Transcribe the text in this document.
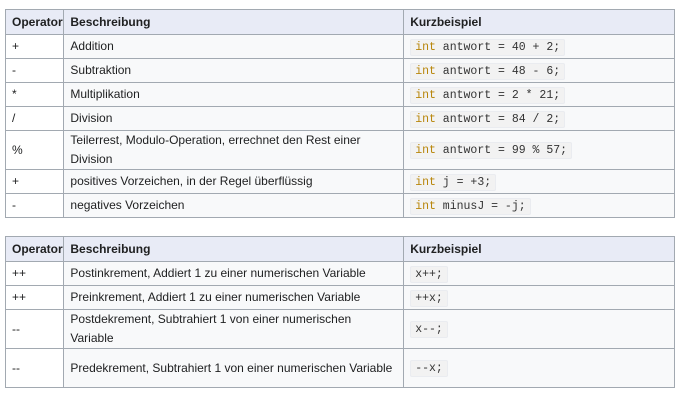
Operator	Beschreibung	Kurzbeispiel
+	Addition	int antwort = 40 + 2;
-	Subtraktion	int antwort = 48 - 6;
*	Multiplikation	int antwort = 2 * 21;
/	Division	int antwort = 84 / 2;
%	Teilerrest, Modulo-Operation, errechnet den Rest einer Division	int antwort = 99 % 57;
+	positives Vorzeichen, in der Regel überflüssig	int j = +3;
-	negatives Vorzeichen	int minusJ = -j;
Operator	Beschreibung	Kurzbeispiel
++	Postinkrement, Addiert 1 zu einer numerischen Variable	x++;
++	Preinkrement, Addiert 1 zu einer numerischen Variable	++x;
--	Postdekrement, Subtrahiert 1 von einer numerischen Variable	x--;
--	Predekrement, Subtrahiert 1 von einer numerischen Variable	--x;
